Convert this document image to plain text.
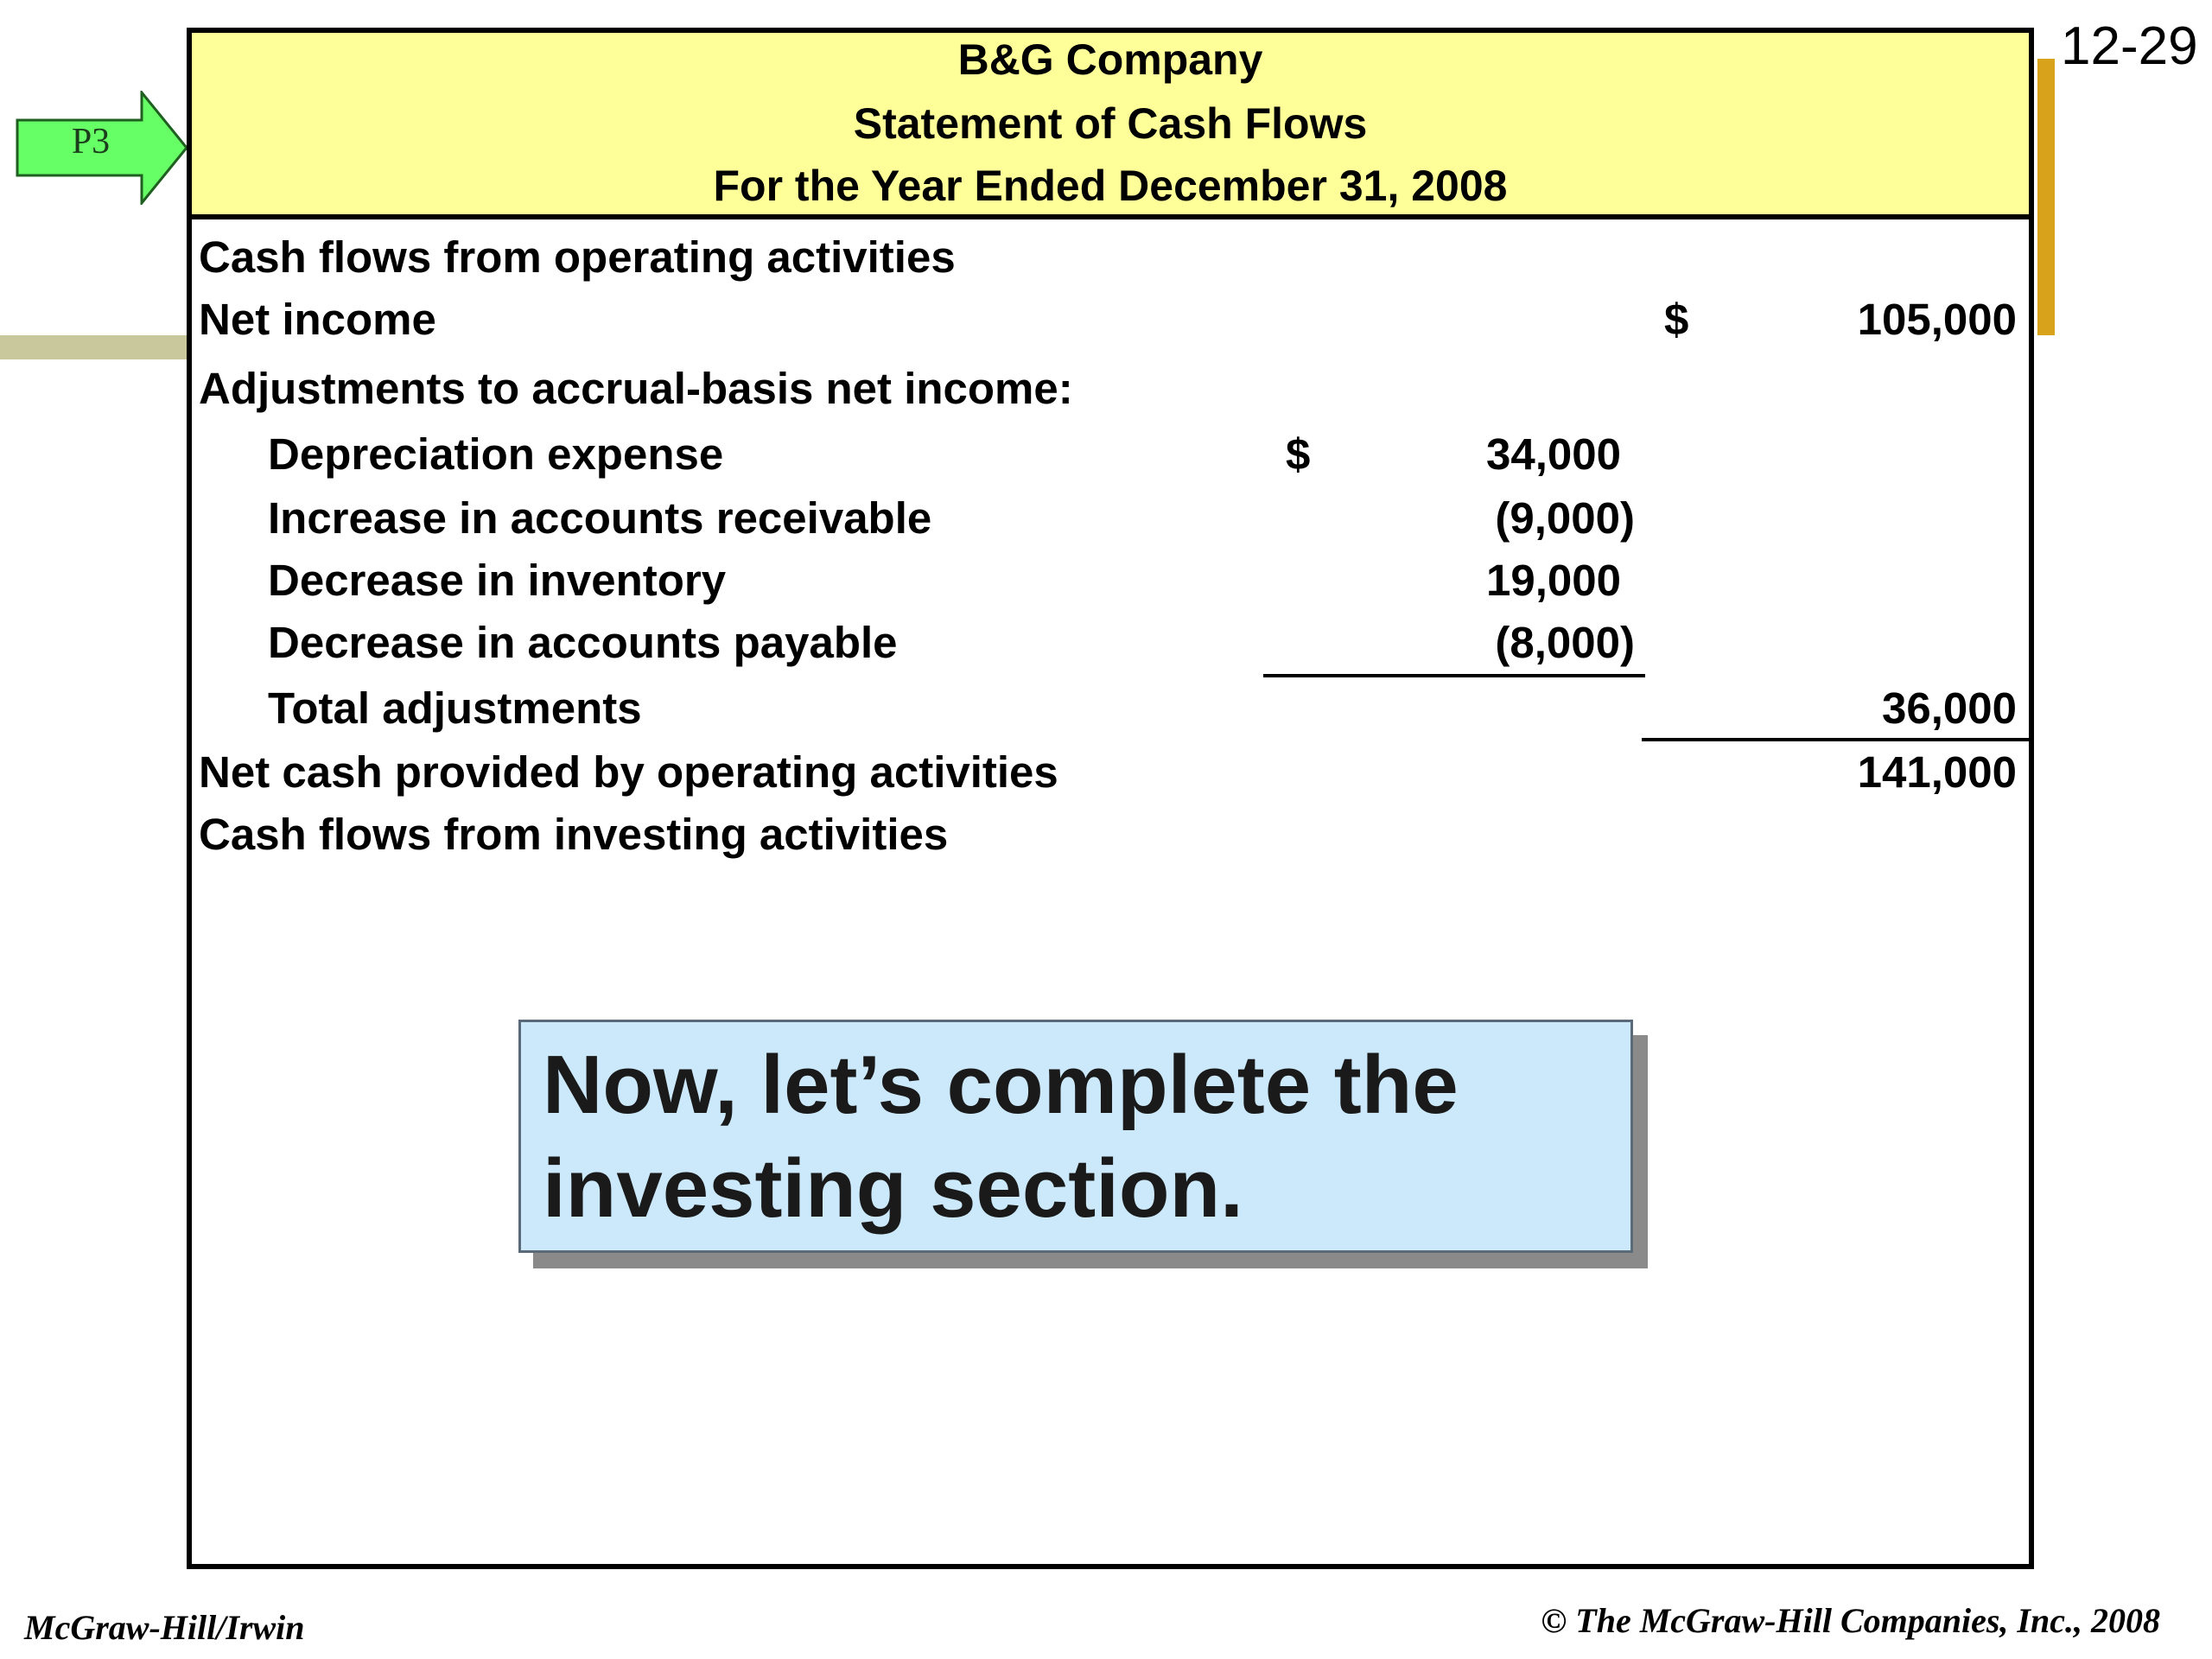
12-29
P3
B&G Company
Statement of Cash Flows
For the Year Ended December 31, 2008
Cash flows from operating activities
Net income	$	105,000
Adjustments to accrual-basis net income:
Depreciation expense	$	34,000
Increase in accounts receivable	(9,000)
Decrease in inventory	19,000
Decrease in accounts payable	(8,000)
Total adjustments	36,000
Net cash provided by operating activities	141,000
Cash flows from investing activities
Now, let’s complete the investing section.
McGraw-Hill/Irwin	© The McGraw-Hill Companies, Inc., 2008
